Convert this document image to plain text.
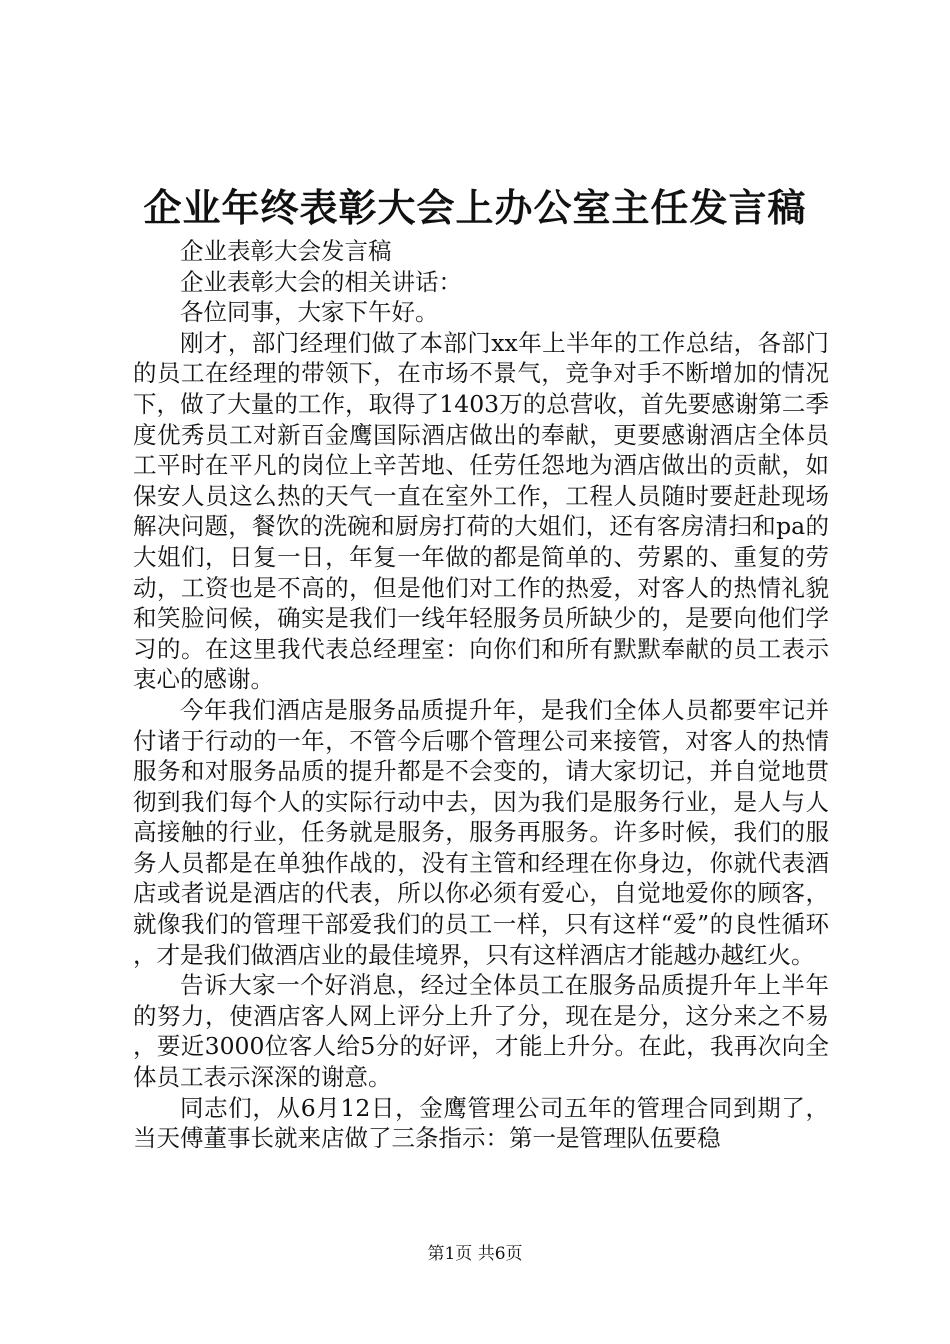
企业年终表彰大会上办公室主任发言稿

企业表彰大会发言稿

企业表彰大会的相关讲话：

各位同事，大家下午好。

刚才，部门经理们做了本部门xx年上半年的工作总结，各部门的员工在经理的带领下，在市场不景气，竞争对手不断增加的情况下，做了大量的工作，取得了1403万的总营收，首先要感谢第二季度优秀员工对新百金鹰国际酒店做出的奉献，更要感谢酒店全体员工平时在平凡的岗位上辛苦地、任劳任怨地为酒店做出的贡献，如保安人员这么热的天气一直在室外工作，工程人员随时要赶赴现场解决问题，餐饮的洗碗和厨房打荷的大姐们，还有客房清扫和pa的大姐们，日复一日，年复一年做的都是简单的、劳累的、重复的劳动，工资也是不高的，但是他们对工作的热爱，对客人的热情礼貌和笑脸问候，确实是我们一线年轻服务员所缺少的，是要向他们学习的。在这里我代表总经理室：向你们和所有默默奉献的员工表示衷心的感谢。

今年我们酒店是服务品质提升年，是我们全体人员都要牢记并付诸于行动的一年，不管今后哪个管理公司来接管，对客人的热情服务和对服务品质的提升都是不会变的，请大家切记，并自觉地贯彻到我们每个人的实际行动中去，因为我们是服务行业，是人与人高接触的行业，任务就是服务，服务再服务。许多时候，我们的服务人员都是在单独作战的，没有主管和经理在你身边，你就代表酒店或者说是酒店的代表，所以你必须有爱心，自觉地爱你的顾客，就像我们的管理干部爱我们的员工一样，只有这样“爱”的良性循环，才是我们做酒店业的最佳境界，只有这样酒店才能越办越红火。

告诉大家一个好消息，经过全体员工在服务品质提升年上半年的努力，使酒店客人网上评分上升了分，现在是分，这分来之不易，要近3000位客人给5分的好评，才能上升分。在此，我再次向全体员工表示深深的谢意。

同志们，从6月12日，金鹰管理公司五年的管理合同到期了，当天傅董事长就来店做了三条指示：第一是管理队伍要稳

第1页 共6页
